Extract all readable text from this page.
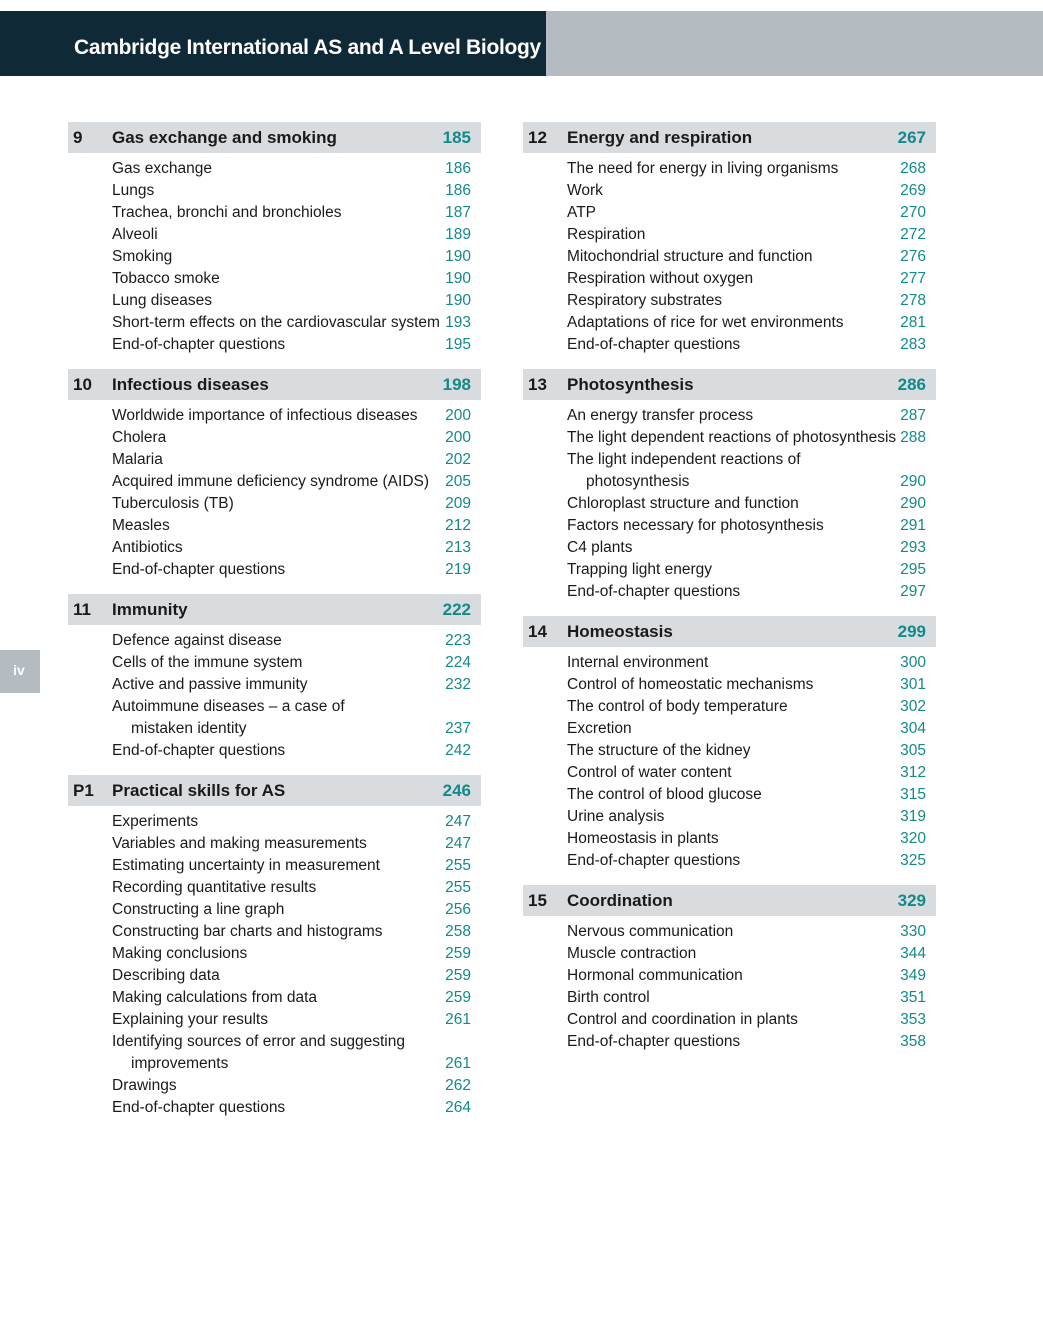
Cambridge International AS and A Level Biology
iv
9 Gas exchange and smoking	185
Gas exchange	186
Lungs	186
Trachea, bronchi and bronchioles	187
Alveoli	189
Smoking	190
Tobacco smoke	190
Lung diseases	190
Short-term effects on the cardiovascular system 193
End-of-chapter questions	195
10 Infectious diseases	198
Worldwide importance of infectious diseases 200
Cholera	200
Malaria	202
Acquired immune deficiency syndrome (AIDS) 205
Tuberculosis (TB)	209
Measles	212
Antibiotics	213
End-of-chapter questions	219
11 Immunity	222
Defence against disease	223
Cells of the immune system	224
Active and passive immunity	232
Autoimmune diseases – a case of
mistaken identity	237
End-of-chapter questions	242
P1 Practical skills for AS	246
Experiments	247
Variables and making measurements	247
Estimating uncertainty in measurement	255
Recording quantitative results	255
Constructing a line graph	256
Constructing bar charts and histograms	258
Making conclusions	259
Describing data	259
Making calculations from data	259
Explaining your results	261
Identifying sources of error and suggesting
improvements	261
Drawings	262
End-of-chapter questions	264
12 Energy and respiration	267
The need for energy in living organisms	268
Work	269
ATP	270
Respiration	272
Mitochondrial structure and function	276
Respiration without oxygen	277
Respiratory substrates	278
Adaptations of rice for wet environments	281
End-of-chapter questions	283
13 Photosynthesis	286
An energy transfer process	287
The light dependent reactions of photosynthesis 288
The light independent reactions of
photosynthesis	290
Chloroplast structure and function	290
Factors necessary for photosynthesis	291
C4 plants	293
Trapping light energy	295
End-of-chapter questions	297
14 Homeostasis	299
Internal environment	300
Control of homeostatic mechanisms	301
The control of body temperature	302
Excretion	304
The structure of the kidney	305
Control of water content	312
The control of blood glucose	315
Urine analysis	319
Homeostasis in plants	320
End-of-chapter questions	325
15 Coordination	329
Nervous communication	330
Muscle contraction	344
Hormonal communication	349
Birth control	351
Control and coordination in plants	353
End-of-chapter questions	358
